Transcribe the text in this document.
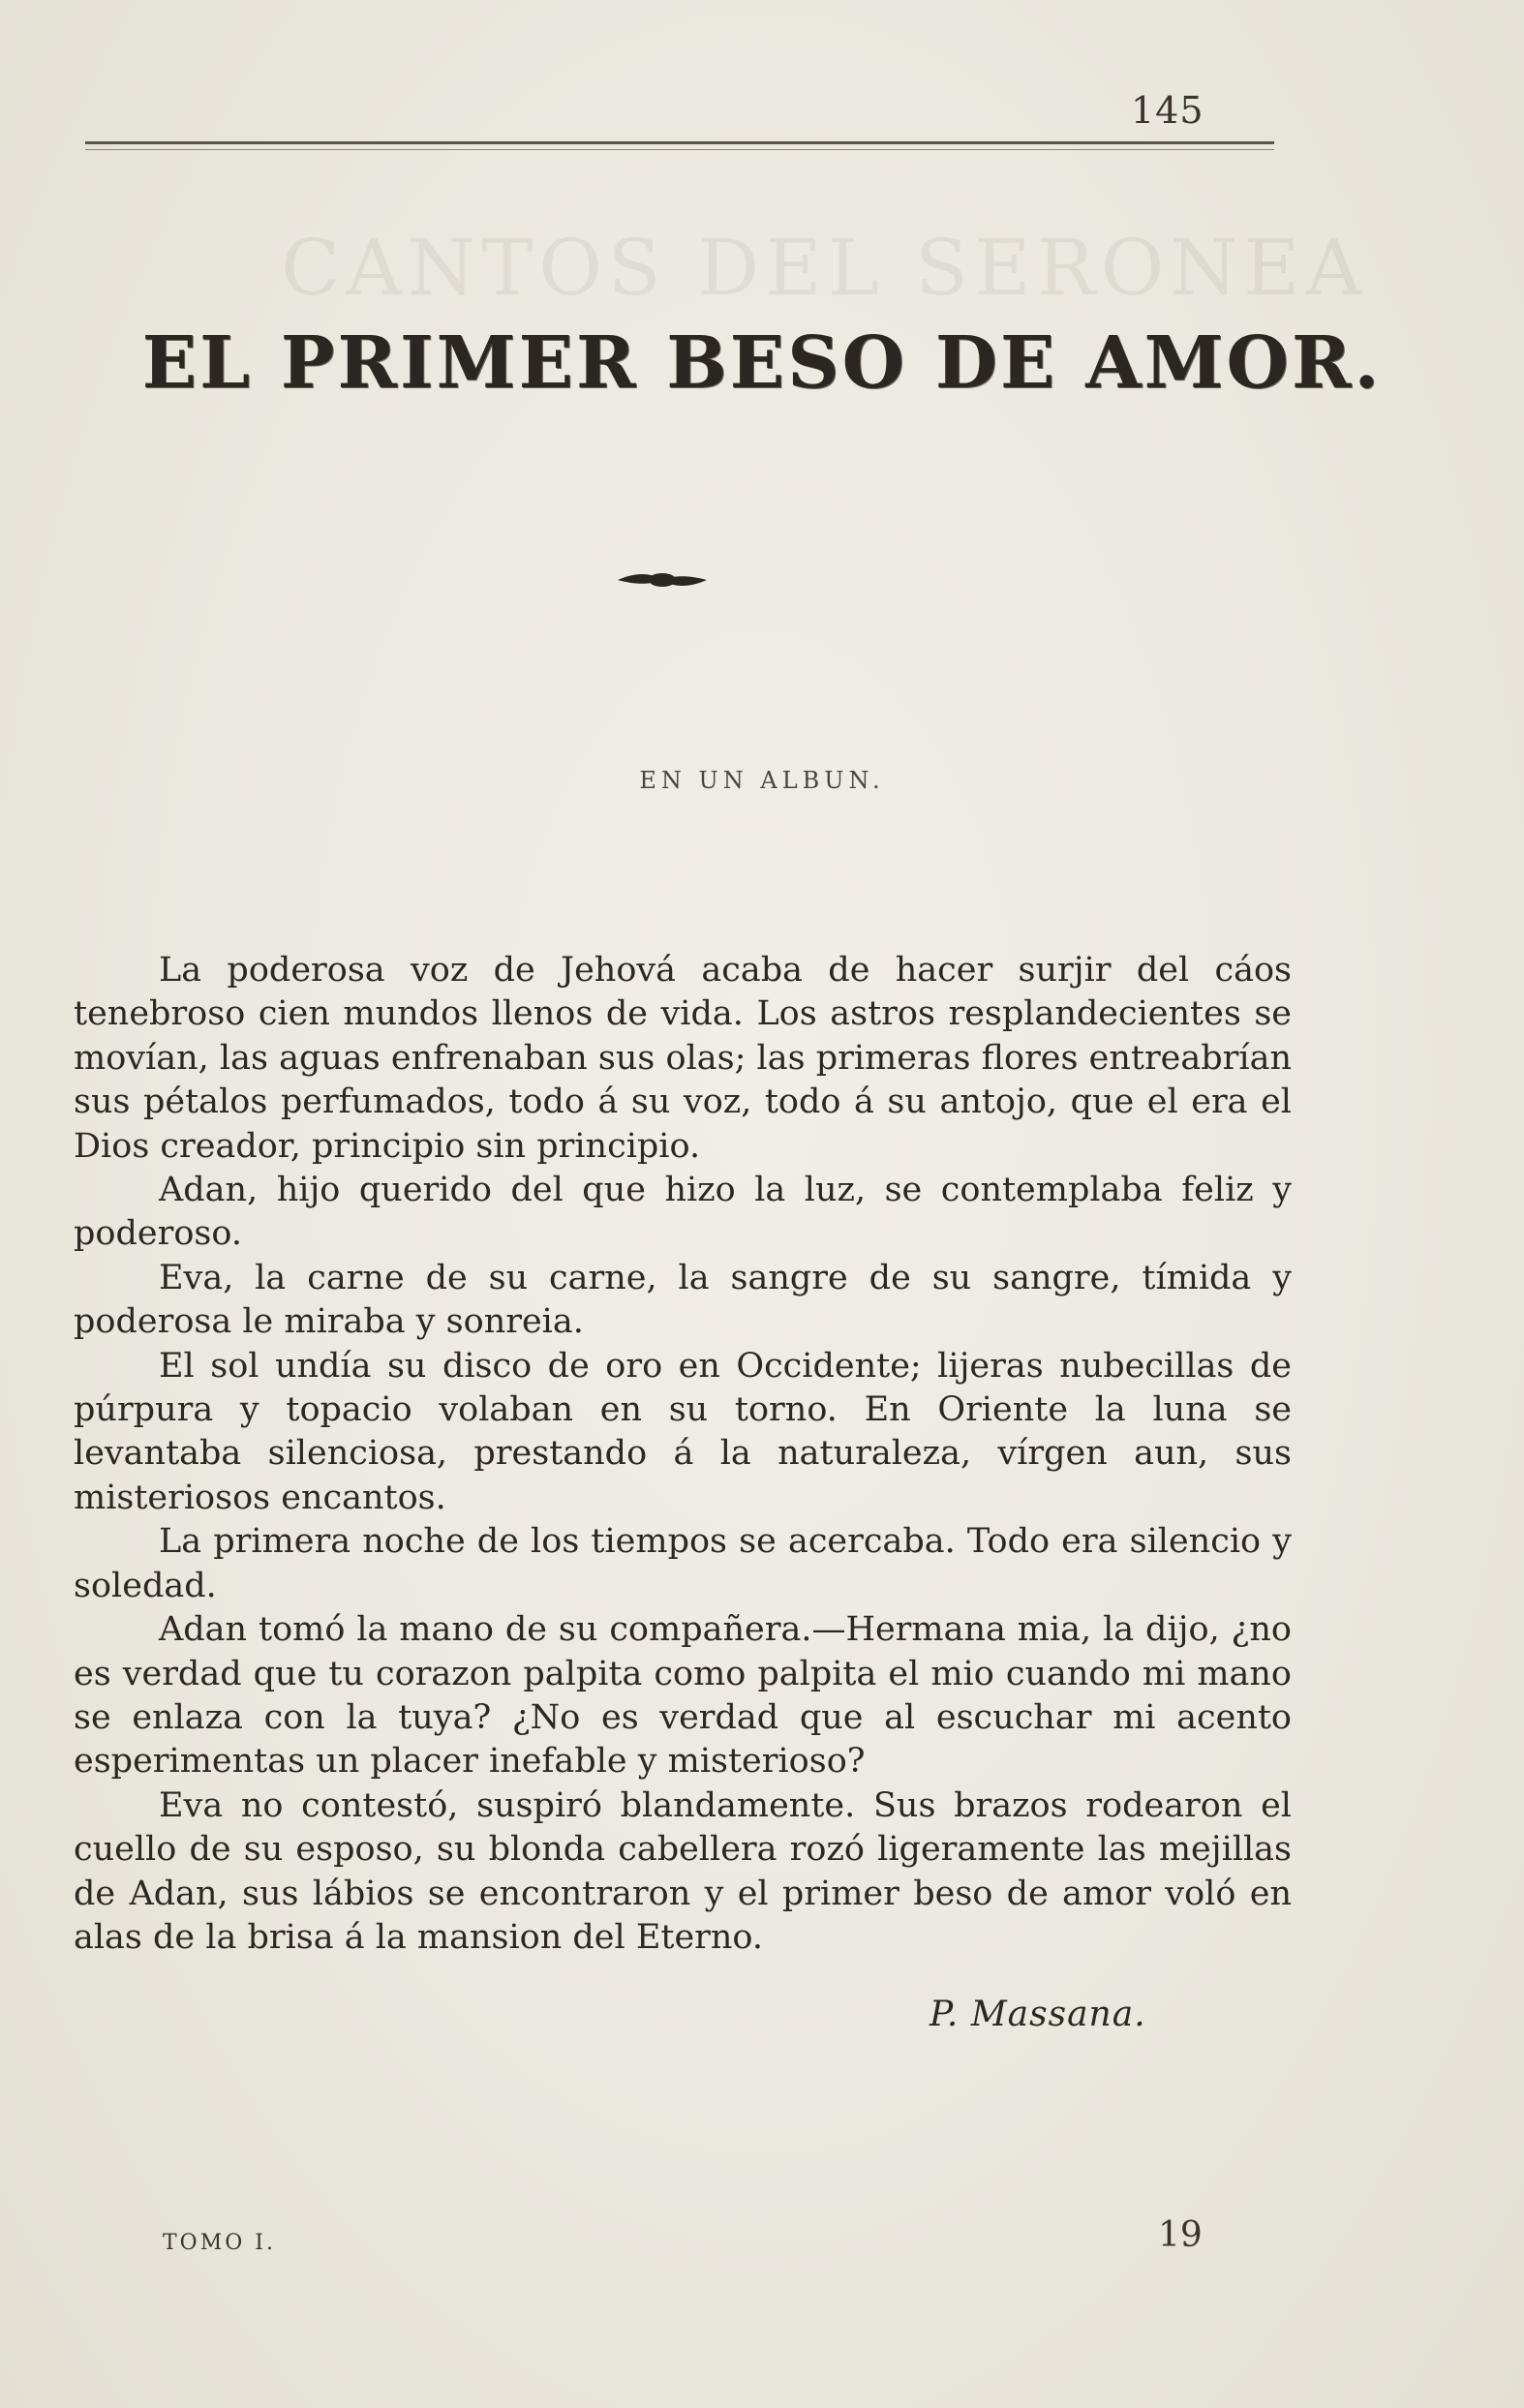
CANTOS DEL SERONEA
145
EL PRIMER BESO DE AMOR.
EN UN ALBUN.

La poderosa voz de Jehová acaba de hacer surjir del cáos tenebroso cien mundos llenos de vida. Los astros resplandecientes se movían, las aguas enfrenaban sus olas; las primeras flores entreabrían sus pétalos perfumados, todo á su voz, todo á su antojo, que el era el Dios creador, principio sin principio.

Adan, hijo querido del que hizo la luz, se contemplaba feliz y poderoso.

Eva, la carne de su carne, la sangre de su sangre, tímida y poderosa le miraba y sonreia.

El sol undía su disco de oro en Occidente; lijeras nubecillas de púrpura y topacio volaban en su torno. En Oriente la luna se levantaba silenciosa, prestando á la naturaleza, vírgen aun, sus misteriosos encantos.

La primera noche de los tiempos se acercaba. Todo era silencio y soledad.

Adan tomó la mano de su compañera.—Hermana mia, la dijo, ¿no es verdad que tu corazon palpita como palpita el mio cuando mi mano se enlaza con la tuya? ¿No es verdad que al escuchar mi acento esperimentas un placer inefable y misterioso?

Eva no contestó, suspiró blandamente. Sus brazos rodearon el cuello de su esposo, su blonda cabellera rozó ligeramente las mejillas de Adan, sus lábios se encontraron y el primer beso de amor voló en alas de la brisa á la mansion del Eterno.

P. Massana.
TOMO I.	19
